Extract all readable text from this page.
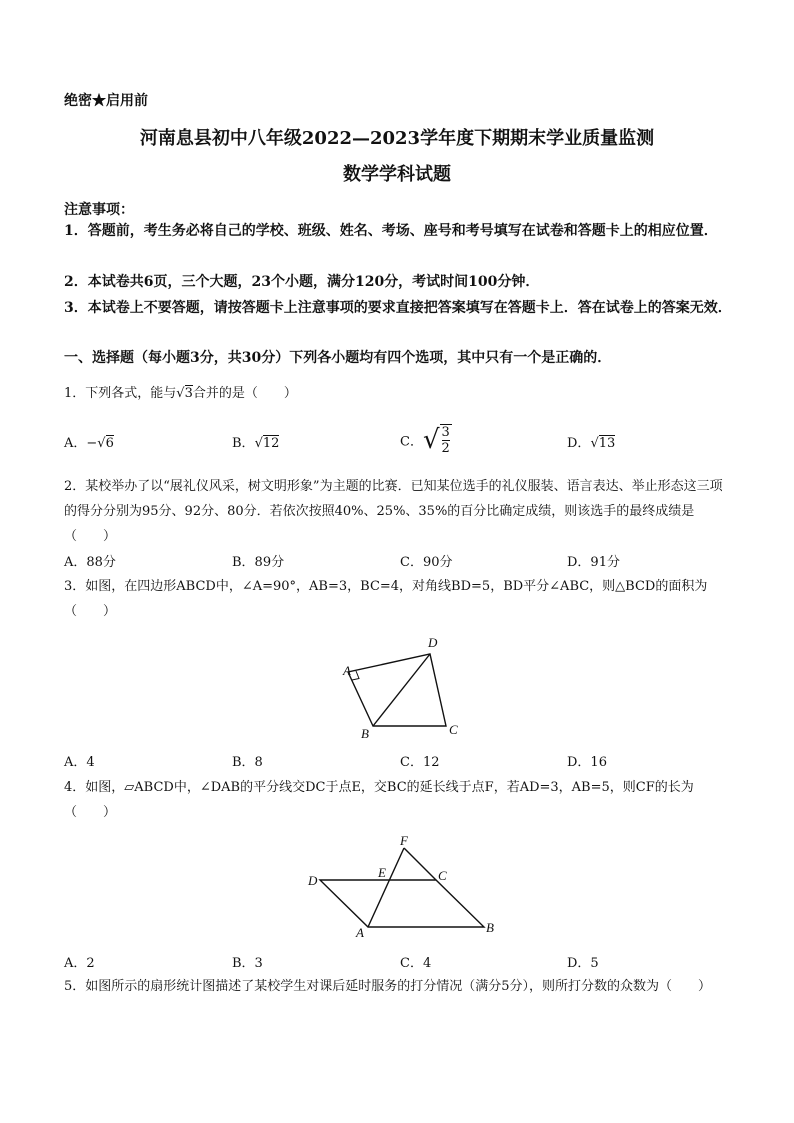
绝密★启用前
河南息县初中八年级2022—2023学年度下期期末学业质量监测
数学学科试题
注意事项：
1．答题前，考生务必将自己的学校、班级、姓名、考场、座号和考号填写在试卷和答题卡上的相应位置．
2．本试卷共6页，三个大题，23个小题，满分120分，考试时间100分钟．
3．本试卷上不要答题，请按答题卡上注意事项的要求直接把答案填写在答题卡上．答在试卷上的答案无效．
一、选择题（每小题3分，共30分）下列各小题均有四个选项，其中只有一个是正确的．
1．下列各式，能与√3合并的是（　　）
A．−√6	B．√12	C．√ $\frac{3}{2}$	D．√13
2．某校举办了以“展礼仪风采，树文明形象”为主题的比赛．已知某位选手的礼仪服装、语言表达、举止形态这三项的得分分别为95分、92分、80分．若依次按照40%、25%、35%的百分比确定成绩，则该选手的最终成绩是（　　）
A．88分	B．89分	C．90分	D．91分
3．如图，在四边形ABCD中，∠A=90°，AB=3，BC=4，对角线BD=5，BD平分∠ABC，则△BCD的面积为（　　）
A
B	C
D
A．4	B．8	C．12	D．16
4．如图，▱ABCD中，∠DAB的平分线交DC于点E，交BC的延长线于点F，若AD=3，AB=5，则CF的长为（　　）
D
E
F
C
A	B
A．2	B．3	C．4	D．5
5．如图所示的扇形统计图描述了某校学生对课后延时服务的打分情况（满分5分），则所打分数的众数为（　　）
